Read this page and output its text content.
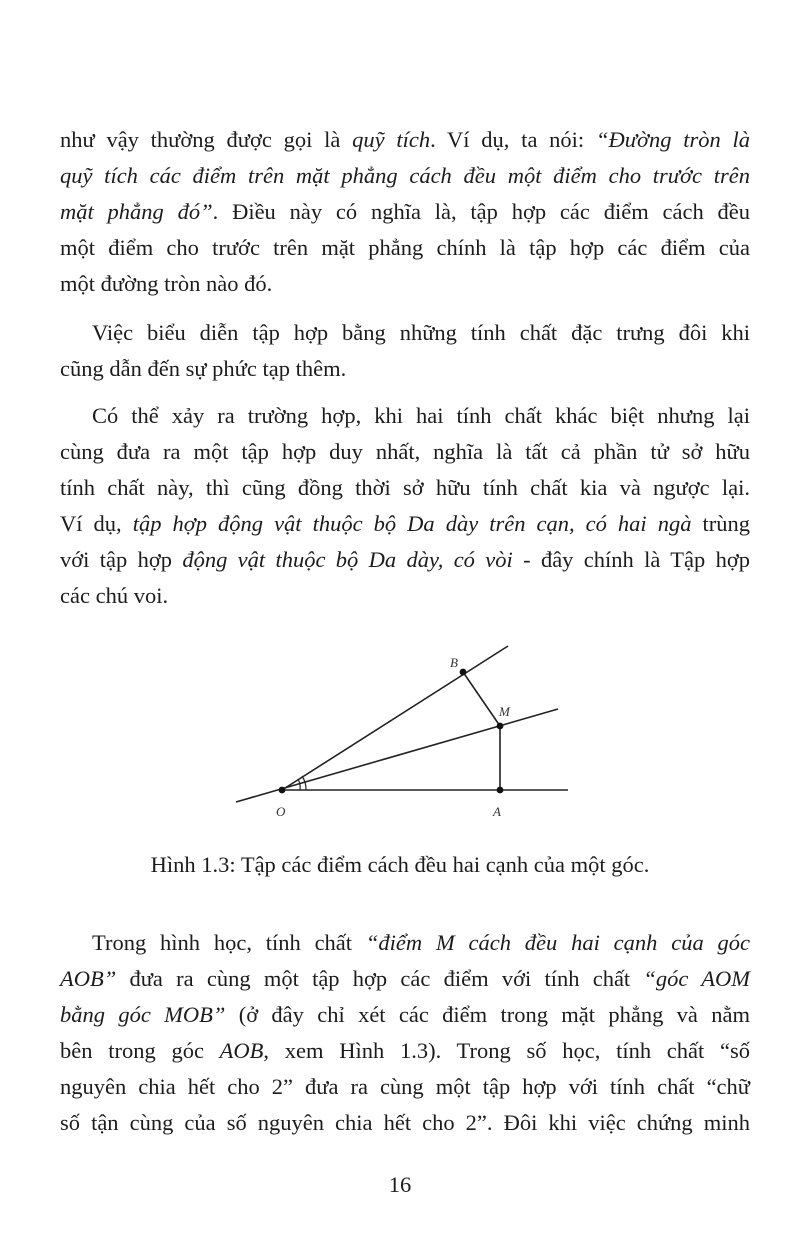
như vậy thường được gọi là quỹ tích. Ví dụ, ta nói: “Đường tròn là
quỹ tích các điểm trên mặt phẳng cách đều một điểm cho trước trên
mặt phẳng đó”. Điều này có nghĩa là, tập hợp các điểm cách đều
một điểm cho trước trên mặt phẳng chính là tập hợp các điểm của
một đường tròn nào đó.
Việc biểu diễn tập hợp bằng những tính chất đặc trưng đôi khi
cũng dẫn đến sự phức tạp thêm.
Có thể xảy ra trường hợp, khi hai tính chất khác biệt nhưng lại
cùng đưa ra một tập hợp duy nhất, nghĩa là tất cả phần tử sở hữu
tính chất này, thì cũng đồng thời sở hữu tính chất kia và ngược lại.
Ví dụ, tập hợp động vật thuộc bộ Da dày trên cạn, có hai ngà trùng
với tập hợp động vật thuộc bộ Da dày, có vòi - đây chính là Tập hợp
các chú voi.
B
M
O	A
Hình 1.3: Tập các điểm cách đều hai cạnh của một góc.
Trong hình học, tính chất “điểm M cách đều hai cạnh của góc
AOB” đưa ra cùng một tập hợp các điểm với tính chất “góc AOM
bằng góc MOB” (ở đây chỉ xét các điểm trong mặt phẳng và nằm
bên trong góc AOB, xem Hình 1.3). Trong số học, tính chất “số
nguyên chia hết cho 2” đưa ra cùng một tập hợp với tính chất “chữ
số tận cùng của số nguyên chia hết cho 2”. Đôi khi việc chứng minh
16
